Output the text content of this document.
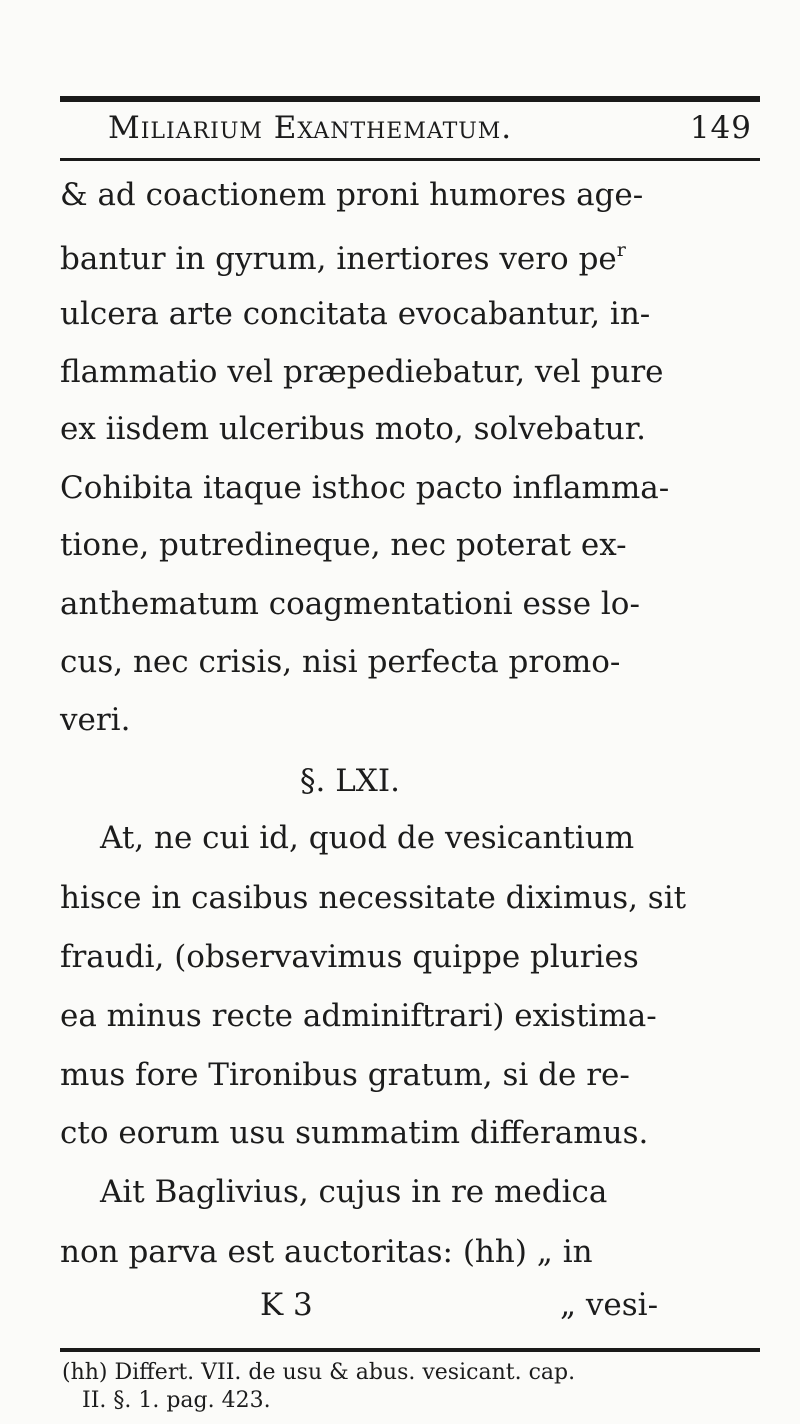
Miliarium Exanthematum.	149
& ad coactionem proni humores age-
bantur in gyrum, inertiores vero $pe^r$
ulcera arte concitata evocabantur, in-
flammatio vel præpediebatur, vel pure
ex iisdem ulceribus moto, solvebatur.
Cohibita itaque isthoc pacto inflamma-
tione, putredineque, nec poterat ex-
anthematum coagmentationi esse lo-
cus, nec crisis, nisi perfecta promo-
veri.
§. LXI.
At, ne cui id, quod de vesicantium
hisce in casibus necessitate diximus, sit
fraudi, (observavimus quippe pluries
ea minus recte adminiftrari) existima-
mus fore Tironibus gratum, si de re-
cto eorum usu summatim differamus.
Ait Baglivius, cujus in re medica
non parva est auctoritas: (hh) „ in
K 3	„ vesi-
(hh) Differt. VII. de usu & abus. vesicant. cap.
II. §. 1. pag. 423.
